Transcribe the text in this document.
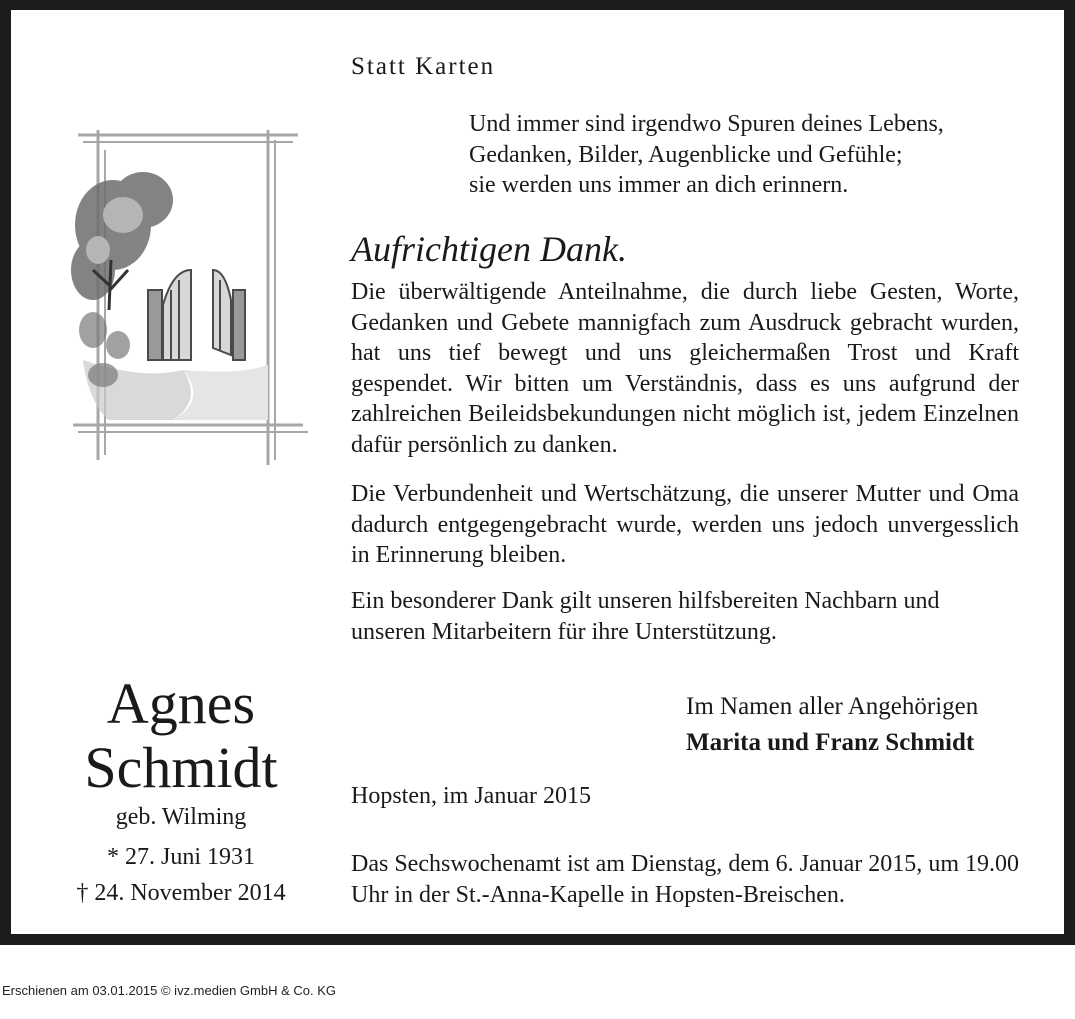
Statt Karten
Und immer sind irgendwo Spuren deines Lebens,
Gedanken, Bilder, Augenblicke und Gefühle;
sie werden uns immer an dich erinnern.
Aufrichtigen Dank.
Die überwältigende Anteilnahme, die durch liebe Gesten, Worte, Gedanken und Gebete mannigfach zum Ausdruck gebracht wurden, hat uns tief bewegt und uns gleichermaßen Trost und Kraft gespendet. Wir bitten um Verständnis, dass es uns aufgrund der zahlreichen Beileidsbekundungen nicht möglich ist, jedem Einzelnen dafür persönlich zu danken.
Die Verbundenheit und Wertschätzung, die unserer Mutter und Oma dadurch entgegengebracht wurde, werden uns jedoch unvergesslich in Erinnerung bleiben.
Ein besonderer Dank gilt unseren hilfsbereiten Nachbarn und unseren Mitarbeitern für ihre Unterstützung.
Im Namen aller Angehörigen
Marita und Franz Schmidt
Hopsten, im Januar 2015
Das Sechswochenamt ist am Dienstag, dem 6. Januar 2015, um 19.00 Uhr in der St.-Anna-Kapelle in Hopsten-Breischen.
Agnes
Schmidt
geb. Wilming
* 27. Juni 1931
† 24. November 2014
Erschienen am 03.01.2015 © ivz.medien GmbH & Co. KG
